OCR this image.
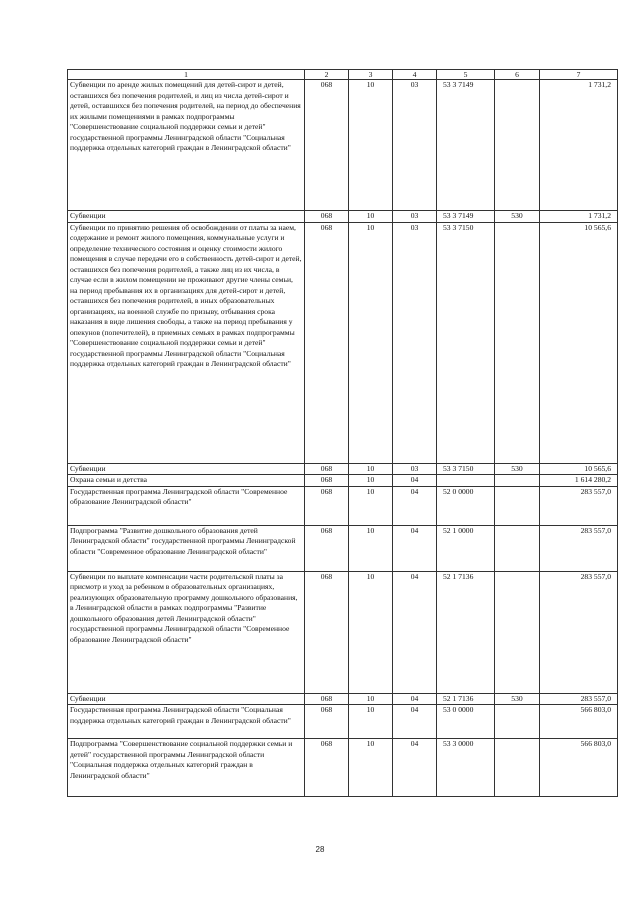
1	2	3	4	5	6	7
Субвенции по аренде жилых помещений для детей-сирот и детей, оставшихся без попечения родителей, и лиц из числа детей-сирот и детей, оставшихся без попечения родителей, на период до обеспечения их жилыми помещениями в рамках подпрограммы "Совершенствование социальной поддержки семьи и детей" государственной программы Ленинградской области "Социальная поддержка отдельных категорий граждан в Ленинградской области"	068	10	03	53 3 7149		1 731,2
Субвенции	068	10	03	53 3 7149	530	1 731,2
Субвенции по принятию решения об освобождении от платы за наем, содержание и ремонт жилого помещения, коммунальные услуги и определение технического состояния и оценку стоимости жилого помещения в случае передачи его в собственность детей-сирот и детей, оставшихся без попечения родителей, а также лиц из их числа, в случае если в жилом помещении не проживают другие члены семьи, на период пребывания их в организациях для детей-сирот и детей, оставшихся без попечения родителей, в иных образовательных организациях, на военной службе по призыву, отбывания срока наказания в виде лишения свободы, а также на период пребывания у опекунов (попечителей), в приемных семьях в рамках подпрограммы "Совершенствование социальной поддержки семьи и детей" государственной программы Ленинградской области "Социальная поддержка отдельных категорий граждан в Ленинградской области"	068	10	03	53 3 7150		10 565,6
Субвенции	068	10	03	53 3 7150	530	10 565,6
Охрана семьи и детства	068	10	04			1 614 280,2
Государственная программа Ленинградской области "Современное образование Ленинградской области"	068	10	04	52 0 0000		283 557,0
Подпрограмма "Развитие дошкольного образования детей Ленинградской области" государственной программы Ленинградской области "Современное образование Ленинградской области"	068	10	04	52 1 0000		283 557,0
Субвенции по выплате компенсации части родительской платы за присмотр и уход за ребенком в образовательных организациях, реализующих образовательную программу дошкольного образования, в Ленинградской области в рамках подпрограммы "Развитие дошкольного образования детей Ленинградской области" государственной программы Ленинградской области "Современное образование Ленинградской области"	068	10	04	52 1 7136		283 557,0
Субвенции	068	10	04	52 1 7136	530	283 557,0
Государственная программа Ленинградской области "Социальная поддержка отдельных категорий граждан в Ленинградской области"	068	10	04	53 0 0000		566 803,0
Подпрограмма "Совершенствование социальной поддержки семьи и детей" государственной программы Ленинградской области "Социальная поддержка отдельных категорий граждан в Ленинградской области"	068	10	04	53 3 0000		566 803,0
28
